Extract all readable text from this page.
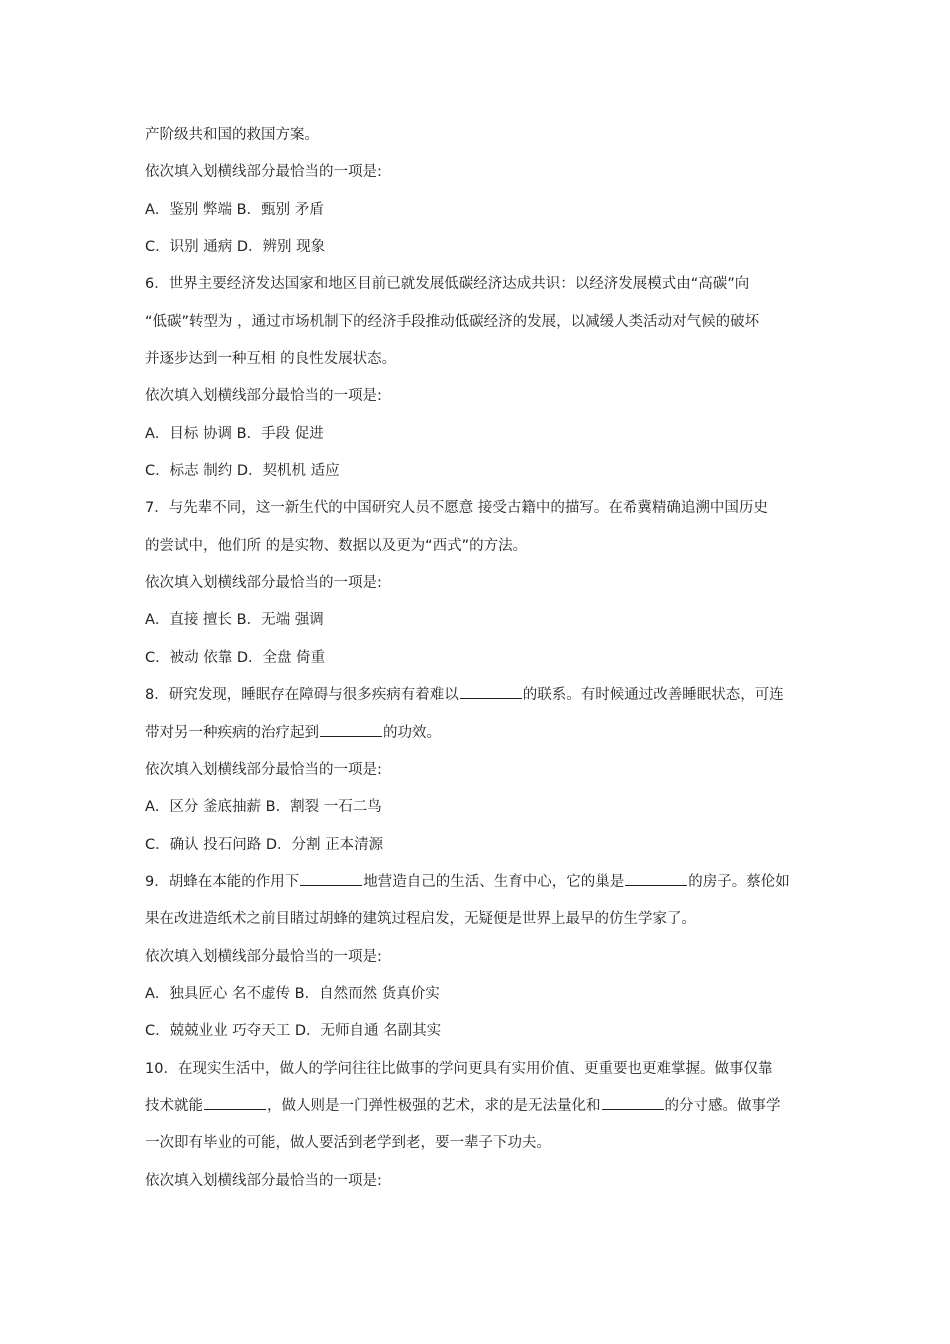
产阶级共和国的救国方案。
依次填入划横线部分最恰当的一项是:
A．鉴别 弊端 B．甄别 矛盾
C．识别 通病 D．辨别 现象
6．世界主要经济发达国家和地区目前已就发展低碳经济达成共识：以经济发展模式由“高碳”向
“低碳”转型为 ，通过市场机制下的经济手段推动低碳经济的发展，以减缓人类活动对气候的破坏
并逐步达到一种互相 的良性发展状态。
依次填入划横线部分最恰当的一项是:
A．目标 协调 B．手段 促进
C．标志 制约 D．契机机 适应
7．与先辈不同，这一新生代的中国研究人员不愿意 接受古籍中的描写。在希冀精确追溯中国历史
的尝试中，他们所 的是实物、数据以及更为“西式”的方法。
依次填入划横线部分最恰当的一项是:
A．直接 擅长 B．无端 强调
C．被动 依靠 D．全盘 倚重
8．研究发现，睡眠存在障碍与很多疾病有着难以	的联系。有时候通过改善睡眠状态，可连
带对另一种疾病的治疗起到	的功效。
依次填入划横线部分最恰当的一项是:
A．区分 釜底抽薪 B．割裂 一石二鸟
C．确认 投石问路 D．分割 正本清源
9．胡蜂在本能的作用下	地营造自己的生活、生育中心，它的巢是	的房子。蔡伦如
果在改进造纸术之前目睹过胡蜂的建筑过程启发，无疑便是世界上最早的仿生学家了。
依次填入划横线部分最恰当的一项是:
A．独具匠心 名不虚传 B．自然而然 货真价实
C．兢兢业业 巧夺天工 D．无师自通 名副其实
10．在现实生活中，做人的学问往往比做事的学问更具有实用价值、更重要也更难掌握。做事仅靠
技术就能	，做人则是一门弹性极强的艺术，求的是无法量化和	的分寸感。做事学
一次即有毕业的可能，做人要活到老学到老，要一辈子下功夫。
依次填入划横线部分最恰当的一项是:
